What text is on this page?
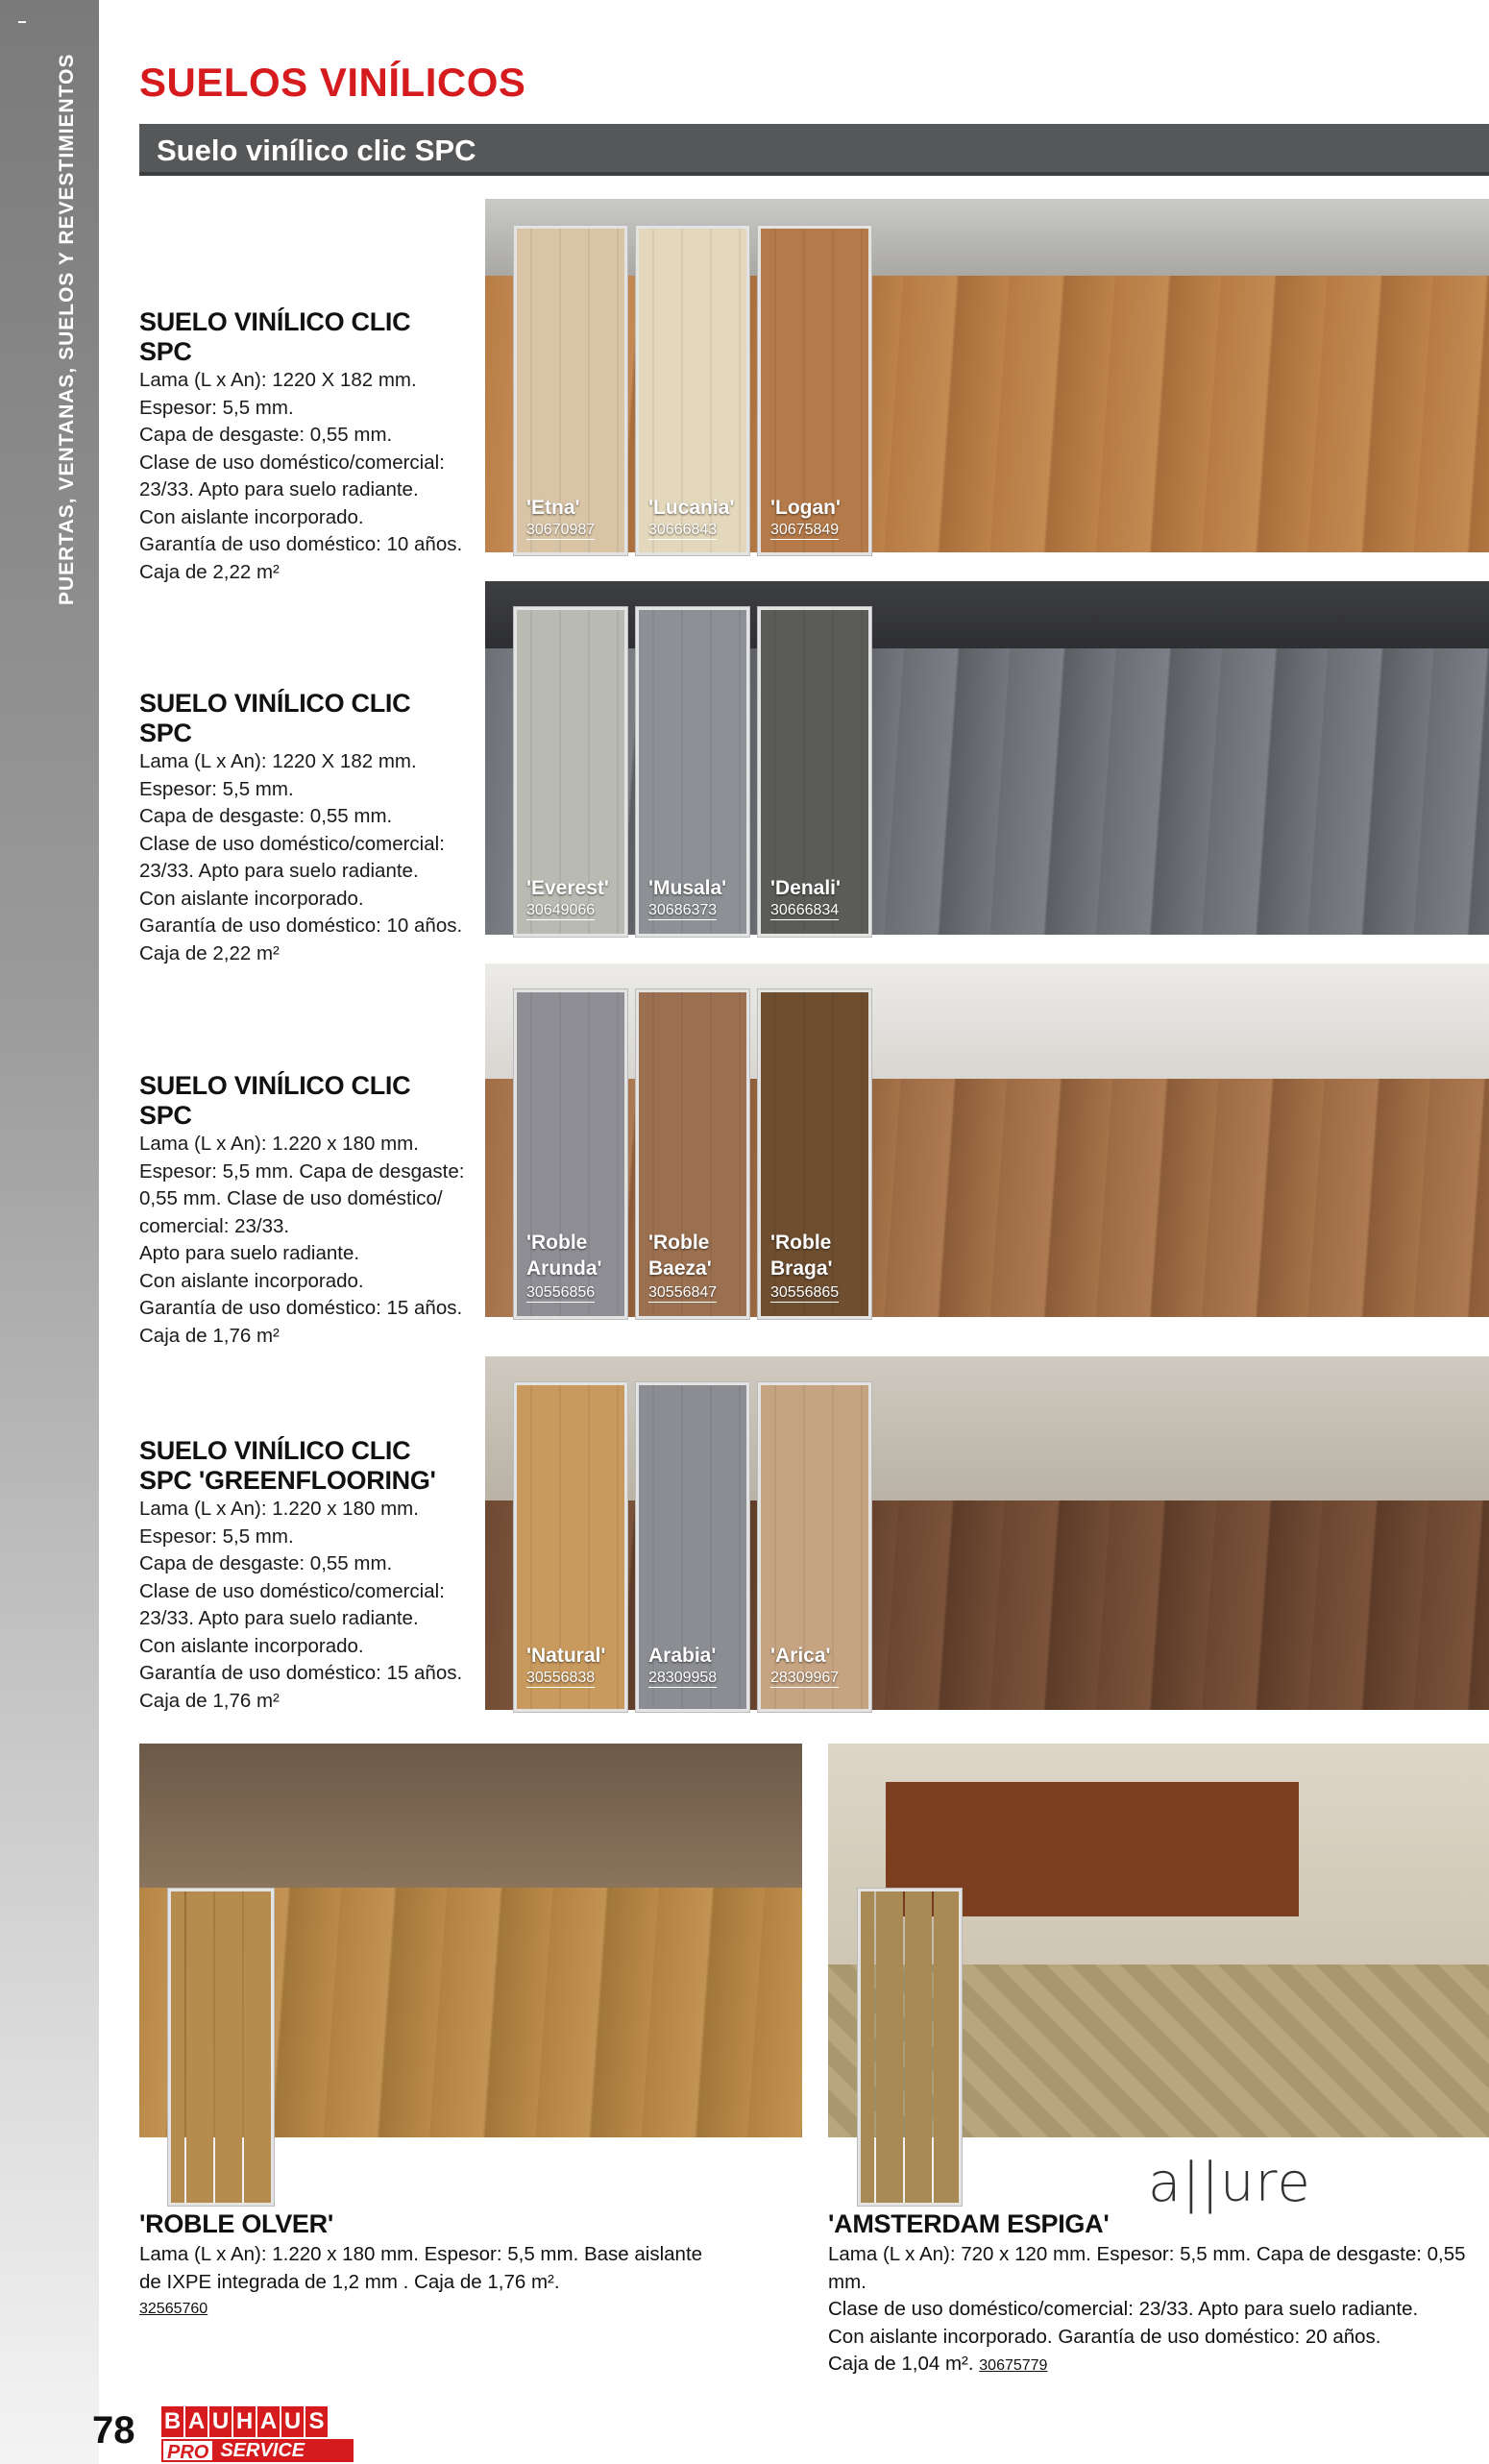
PUERTAS, VENTANAS, SUELOS Y REVESTIMIENTOS SUELOS VINÍLICOS
Suelo vinílico clic SPC
SUELO VINÍLICO CLIC SPC
Lama (L x An): 1220 X 182 mm.
Espesor: 5,5 mm.
Capa de desgaste: 0,55 mm.
Clase de uso doméstico/comercial:
23/33. Apto para suelo radiante.
Con aislante incorporado.
Garantía de uso doméstico: 10 años.
Caja de 2,22 m²
'Etna'
30670987
'Lucania'
30666843
'Logan'
30675849
SUELO VINÍLICO CLIC SPC
Lama (L x An): 1220 X 182 mm.
Espesor: 5,5 mm.
Capa de desgaste: 0,55 mm.
Clase de uso doméstico/comercial:
23/33. Apto para suelo radiante.
Con aislante incorporado.
Garantía de uso doméstico: 10 años.
Caja de 2,22 m²
'Everest'
30649066
'Musala'
30686373
'Denali'
30666834
SUELO VINÍLICO CLIC SPC
Lama (L x An): 1.220 x 180 mm.
Espesor: 5,5 mm. Capa de desgaste:
0,55 mm. Clase de uso doméstico/
comercial: 23/33.
Apto para suelo radiante.
Con aislante incorporado.
Garantía de uso doméstico: 15 años.
Caja de 1,76 m²
'Roble Arunda'
30556856
'Roble Baeza'
30556847
'Roble Braga'
30556865
SUELO VINÍLICO CLIC SPC 'GREENFLOORING'
Lama (L x An): 1.220 x 180 mm.
Espesor: 5,5 mm.
Capa de desgaste: 0,55 mm.
Clase de uso doméstico/comercial:
23/33. Apto para suelo radiante.
Con aislante incorporado.
Garantía de uso doméstico: 15 años.
Caja de 1,76 m²
'Natural'
30556838
Arabia'
28309958
'Arica'
28309967
'ROBLE OLVER'
Lama (L x An): 1.220 x 180 mm. Espesor: 5,5 mm. Base aislante
de IXPE integrada de 1,2 mm . Caja de 1,76 m².
32565760
a||ure
'AMSTERDAM ESPIGA'
Lama (L x An): 720 x 120 mm. Espesor: 5,5 mm. Capa de desgaste: 0,55 mm.
Clase de uso doméstico/comercial: 23/33. Apto para suelo radiante.
Con aislante incorporado. Garantía de uso doméstico: 20 años.
Caja de 1,04 m². 30675779
78 B A U H A U S
PRO SERVICE
